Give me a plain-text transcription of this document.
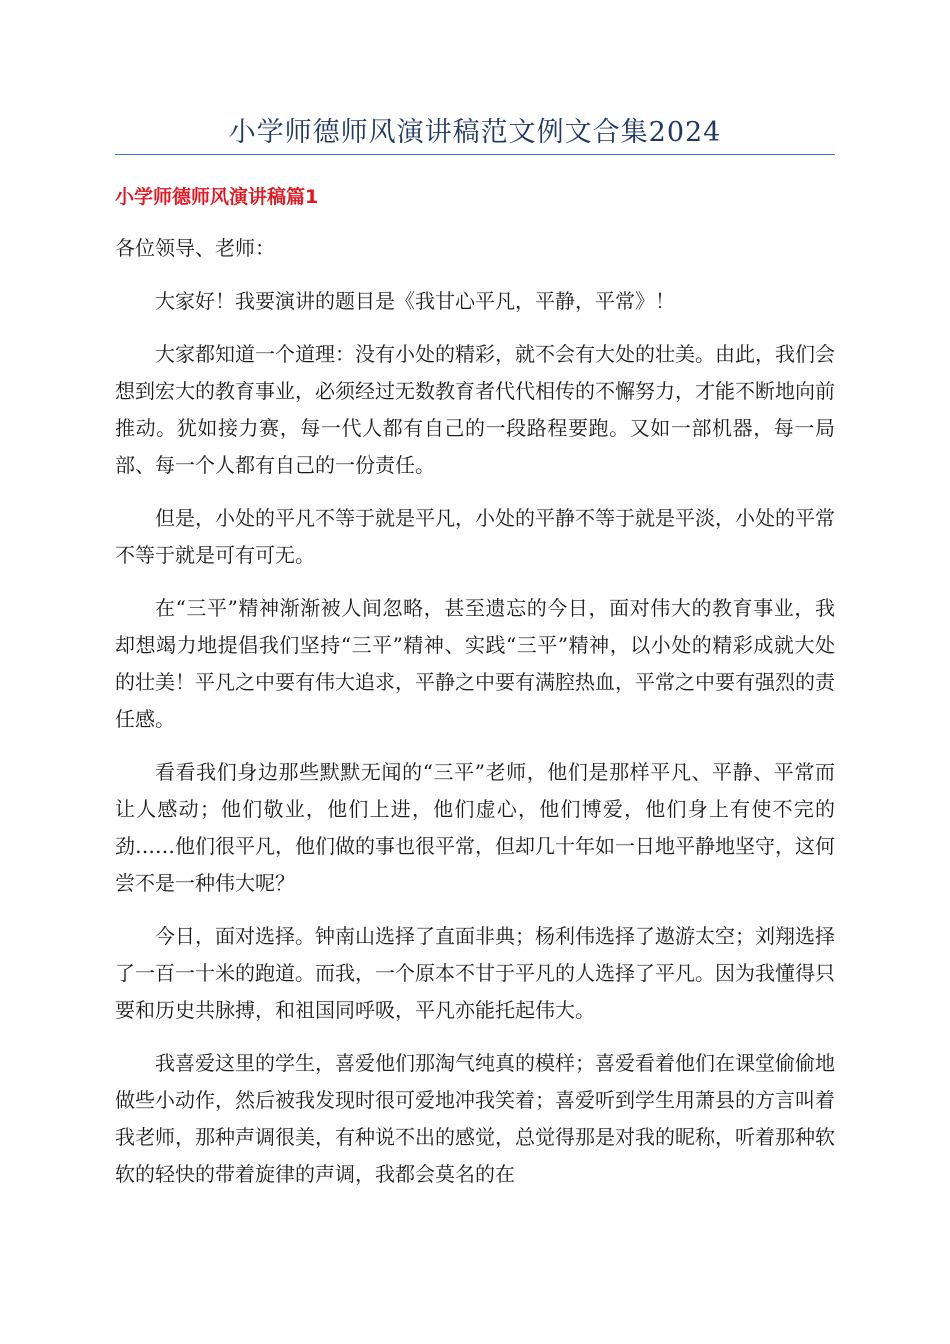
小学师德师风演讲稿范文例文合集2024
小学师德师风演讲稿篇1

各位领导、老师：

大家好！我要演讲的题目是《我甘心平凡，平静，平常》！

大家都知道一个道理：没有小处的精彩，就不会有大处的壮美。由此，我们会想到宏大的教育事业，必须经过无数教育者代代相传的不懈努力，才能不断地向前推动。犹如接力赛，每一代人都有自己的一段路程要跑。又如一部机器，每一局部、每一个人都有自己的一份责任。

但是，小处的平凡不等于就是平凡，小处的平静不等于就是平淡，小处的平常不等于就是可有可无。

在“三平”精神渐渐被人间忽略，甚至遗忘的今日，面对伟大的教育事业，我却想竭力地提倡我们坚持“三平”精神、实践“三平”精神，以小处的精彩成就大处的壮美！平凡之中要有伟大追求，平静之中要有满腔热血，平常之中要有强烈的责任感。

看看我们身边那些默默无闻的“三平”老师，他们是那样平凡、平静、平常而让人感动；他们敬业，他们上进，他们虚心，他们博爱，他们身上有使不完的劲……他们很平凡，他们做的事也很平常，但却几十年如一日地平静地坚守，这何尝不是一种伟大呢？

今日，面对选择。钟南山选择了直面非典；杨利伟选择了遨游太空；刘翔选择了一百一十米的跑道。而我，一个原本不甘于平凡的人选择了平凡。因为我懂得只要和历史共脉搏，和祖国同呼吸，平凡亦能托起伟大。

我喜爱这里的学生，喜爱他们那淘气纯真的模样；喜爱看着他们在课堂偷偷地做些小动作，然后被我发现时很可爱地冲我笑着；喜爱听到学生用萧县的方言叫着我老师，那种声调很美，有种说不出的感觉，总觉得那是对我的昵称，听着那种软软的轻快的带着旋律的声调，我都会莫名的在
